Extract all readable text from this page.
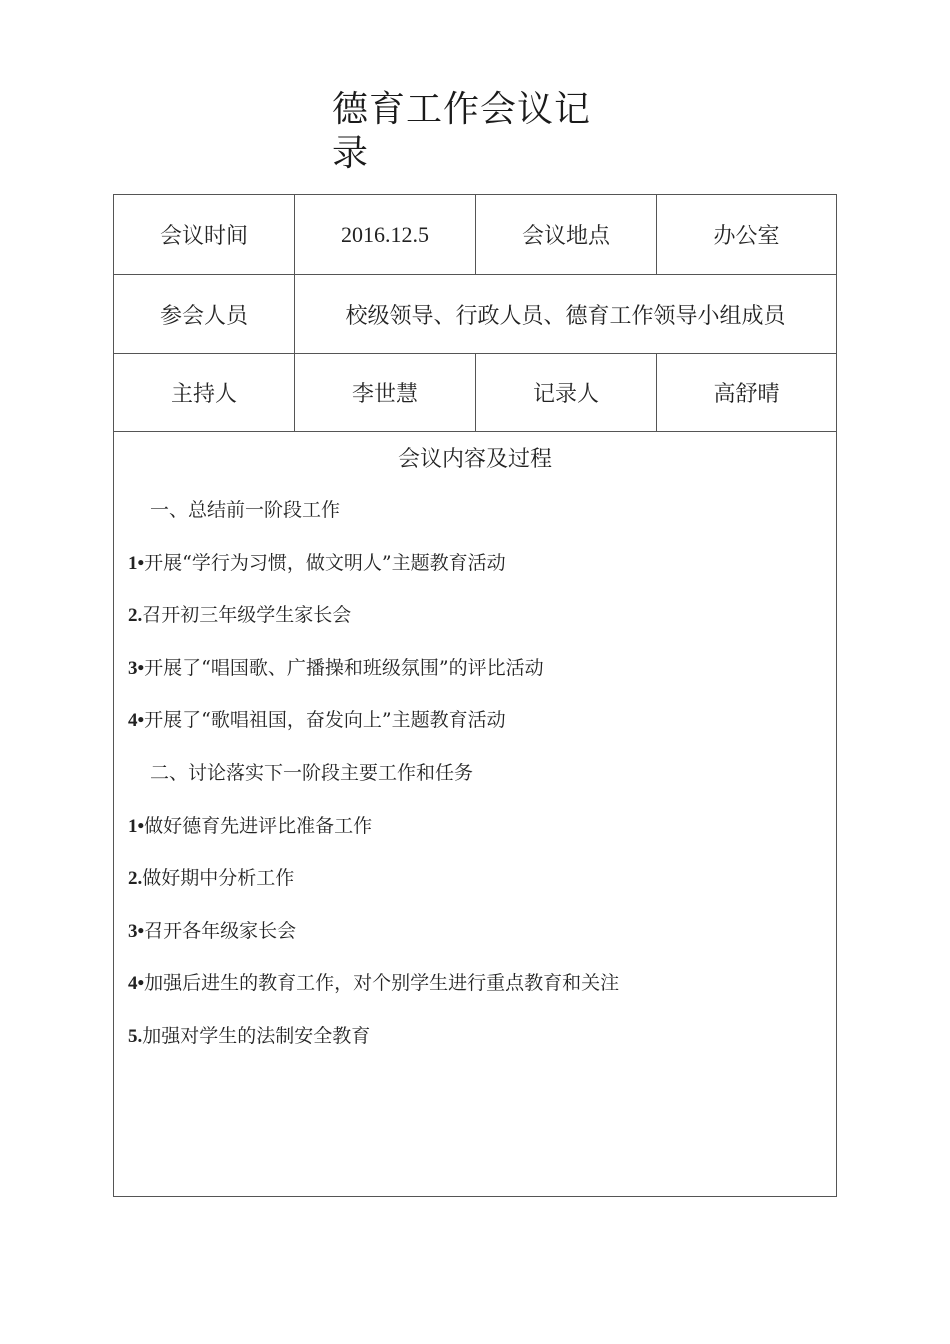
德育工作会议记
录
会议时间	2016.12.5	会议地点	办公室
参会人员	校级领导、行政人员、德育工作领导小组成员
主持人	李世慧	记录人	高舒晴
会议内容及过程
一、总结前一阶段工作
1•开展“学行为习惯，做文明人”主题教育活动
2.召开初三年级学生家长会
3•开展了“唱国歌、广播操和班级氛围”的评比活动
4•开展了“歌唱祖国，奋发向上”主题教育活动
二、讨论落实下一阶段主要工作和任务
1•做好德育先进评比准备工作
2.做好期中分析工作
3•召开各年级家长会
4•加强后进生的教育工作，对个别学生进行重点教育和关注
5.加强对学生的法制安全教育
